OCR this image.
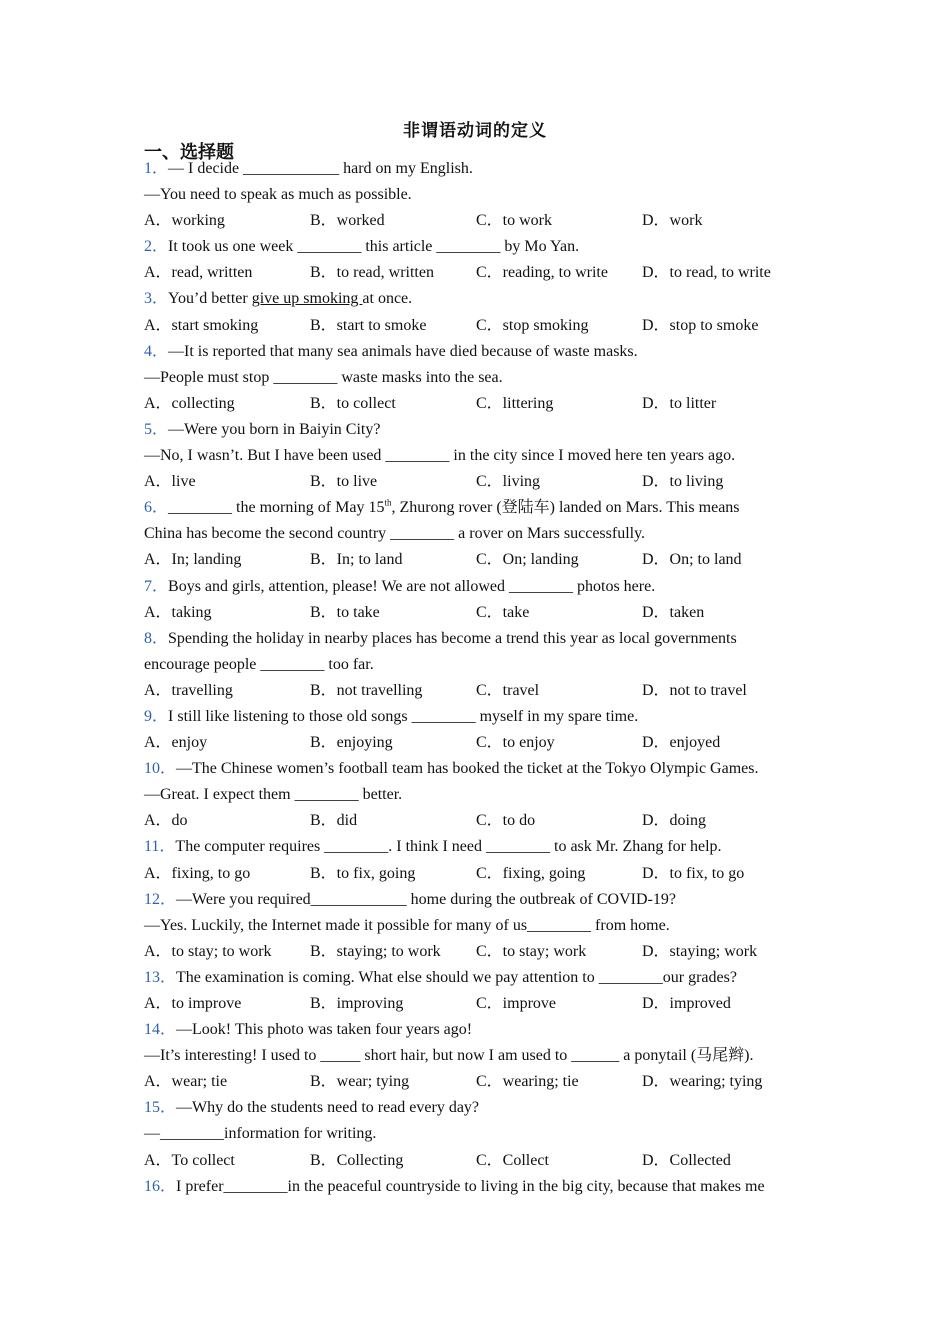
非谓语动词的定义
一、选择题
1．— I decide ____________ hard on my English.
—You need to speak as much as possible.
A．working	B．worked	C．to work	D．work
2．It took us one week ________ this article ________ by Mo Yan.
A．read, written	B．to read, written	C．reading, to write	D．to read, to write
3．You’d better give up smoking at once.
A．start smoking	B．start to smoke	C．stop smoking	D．stop to smoke
4．—It is reported that many sea animals have died because of waste masks.
—People must stop ________ waste masks into the sea.
A．collecting	B．to collect	C．littering	D．to litter
5．—Were you born in Baiyin City?
—No, I wasn’t. But I have been used ________ in the city since I moved here ten years ago.
A．live	B．to live	C．living	D．to living
6．________ the morning of May 15th, Zhurong rover (登陆车) landed on Mars. This means
China has become the second country ________ a rover on Mars successfully.
A．In; landing	B．In; to land	C．On; landing	D．On; to land
7．Boys and girls, attention, please! We are not allowed ________ photos here.
A．taking	B．to take	C．take	D．taken
8．Spending the holiday in nearby places has become a trend this year as local governments
encourage people ________ too far.
A．travelling	B．not travelling	C．travel	D．not to travel
9．I still like listening to those old songs ________ myself in my spare time.
A．enjoy	B．enjoying	C．to enjoy	D．enjoyed
10．—The Chinese women’s football team has booked the ticket at the Tokyo Olympic Games.
—Great. I expect them ________ better.
A．do	B．did	C．to do	D．doing
11．The computer requires ________. I think I need ________ to ask Mr. Zhang for help.
A．fixing, to go	B．to fix, going	C．fixing, going	D．to fix, to go
12．—Were you required____________ home during the outbreak of COVID-19?
—Yes. Luckily, the Internet made it possible for many of us________ from home.
A．to stay; to work	B．staying; to work	C．to stay; work	D．staying; work
13．The examination is coming. What else should we pay attention to ________our grades?
A．to improve	B．improving	C．improve	D．improved
14．—Look! This photo was taken four years ago!
—It’s interesting! I used to _____ short hair, but now I am used to ______ a ponytail (马尾辫).
A．wear; tie	B．wear; tying	C．wearing; tie	D．wearing; tying
15．—Why do the students need to read every day?
—________information for writing.
A．To collect	B．Collecting	C．Collect	D．Collected
16．I prefer________in the peaceful countryside to living in the big city, because that makes me
